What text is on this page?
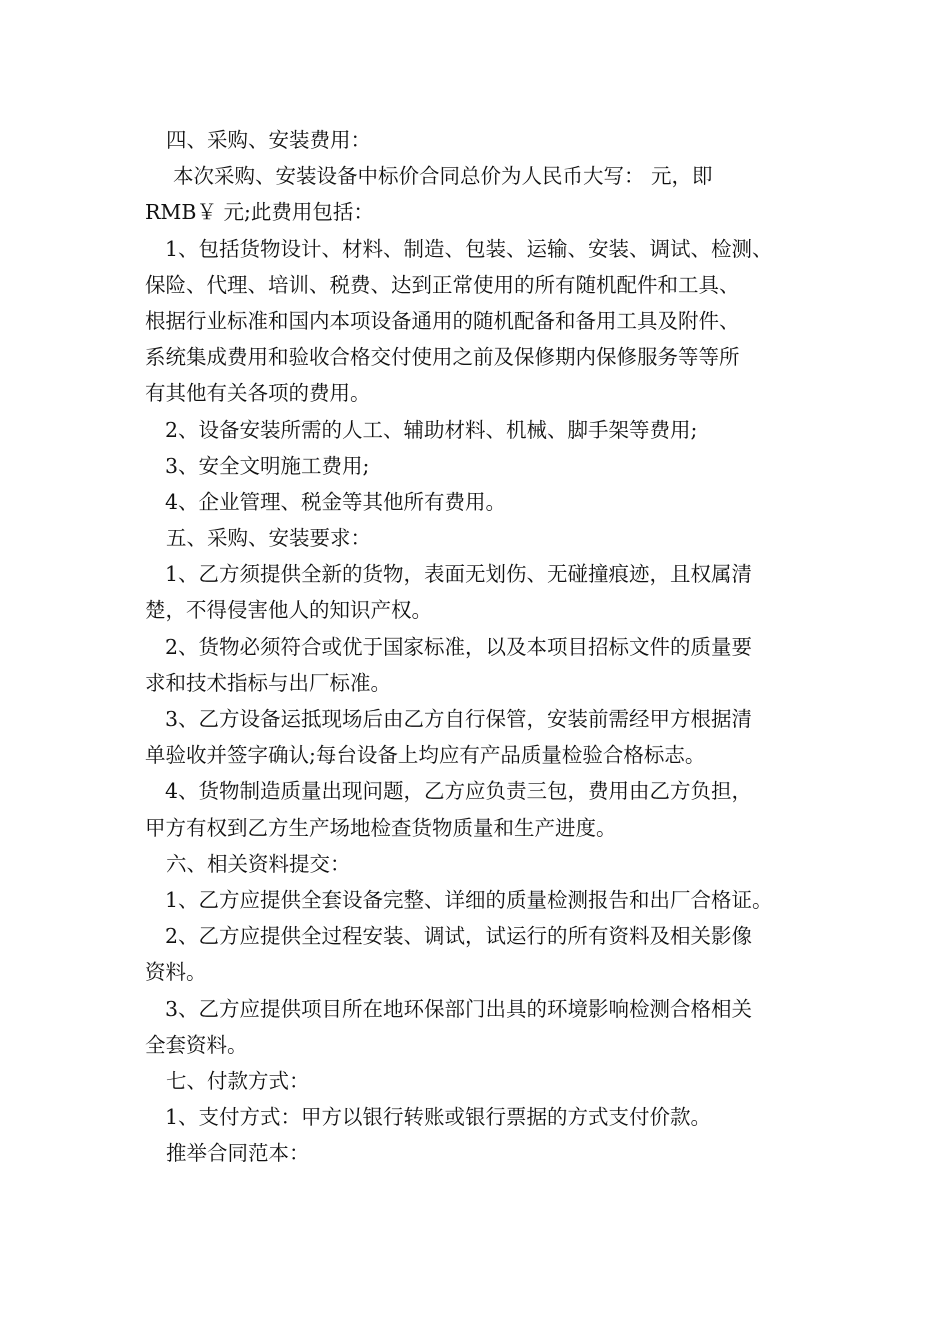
四、采购、安装费用：
本次采购、安装设备中标价合同总价为人民币大写： 元，即
RMB￥ 元;此费用包括：
1、包括货物设计、材料、制造、包装、运输、安装、调试、检测、
保险、代理、培训、税费、达到正常使用的所有随机配件和工具、
根据行业标准和国内本项设备通用的随机配备和备用工具及附件、
系统集成费用和验收合格交付使用之前及保修期内保修服务等等所
有其他有关各项的费用。
2、设备安装所需的人工、辅助材料、机械、脚手架等费用;
3、安全文明施工费用;
4、企业管理、税金等其他所有费用。
五、采购、安装要求：
1、乙方须提供全新的货物，表面无划伤、无碰撞痕迹，且权属清
楚，不得侵害他人的知识产权。
2、货物必须符合或优于国家标准，以及本项目招标文件的质量要
求和技术指标与出厂标准。
3、乙方设备运抵现场后由乙方自行保管，安装前需经甲方根据清
单验收并签字确认;每台设备上均应有产品质量检验合格标志。
4、货物制造质量出现问题，乙方应负责三包，费用由乙方负担，
甲方有权到乙方生产场地检查货物质量和生产进度。
六、相关资料提交：
1、乙方应提供全套设备完整、详细的质量检测报告和出厂合格证。
2、乙方应提供全过程安装、调试，试运行的所有资料及相关影像
资料。
3、乙方应提供项目所在地环保部门出具的环境影响检测合格相关
全套资料。
七、付款方式：
1、支付方式：甲方以银行转账或银行票据的方式支付价款。
推举合同范本：
